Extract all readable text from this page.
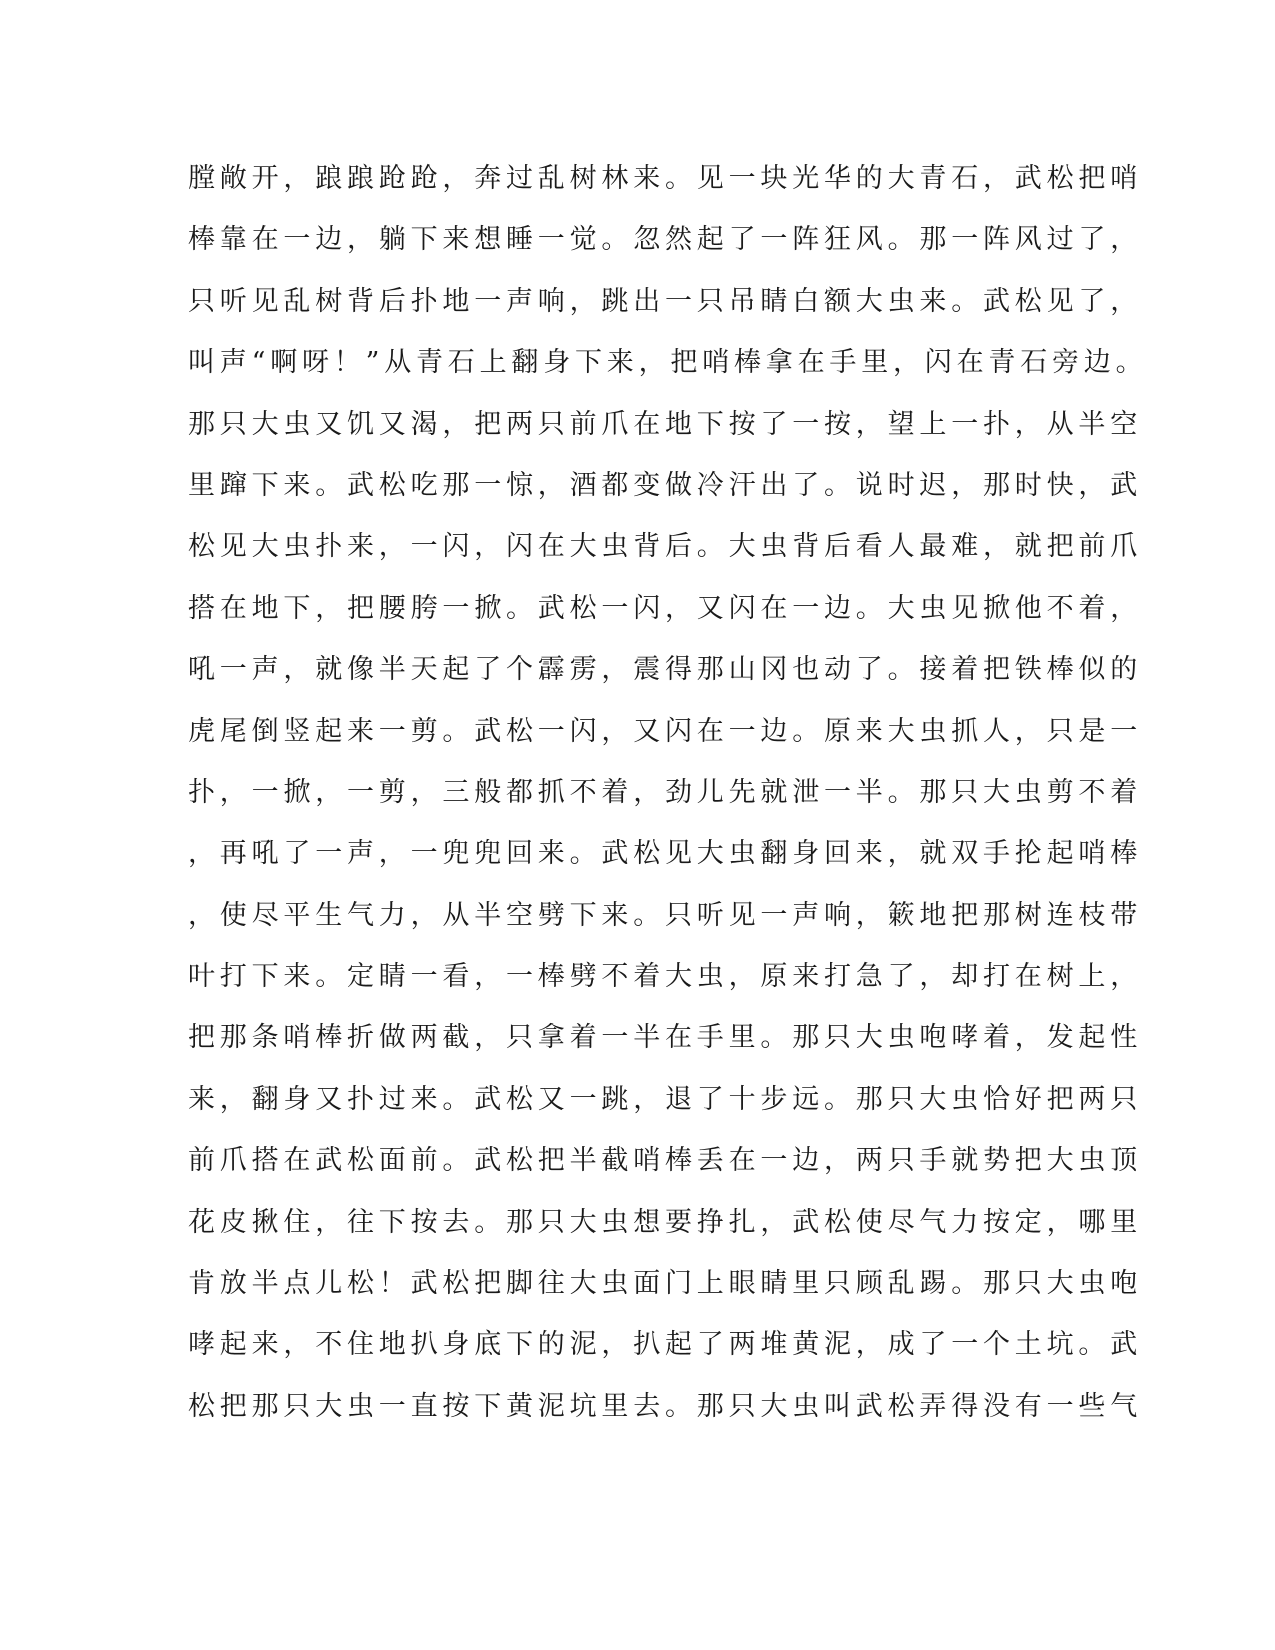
膛敞开，踉踉跄跄，奔过乱树林来。见一块光华的大青石，武松把哨
棒靠在一边，躺下来想睡一觉。忽然起了一阵狂风。那一阵风过了，
只听见乱树背后扑地一声响，跳出一只吊睛白额大虫来。武松见了，
叫声“啊呀！”从青石上翻身下来，把哨棒拿在手里，闪在青石旁边。
那只大虫又饥又渴，把两只前爪在地下按了一按，望上一扑，从半空
里蹿下来。武松吃那一惊，酒都变做冷汗出了。说时迟，那时快，武
松见大虫扑来，一闪，闪在大虫背后。大虫背后看人最难，就把前爪
搭在地下，把腰胯一掀。武松一闪，又闪在一边。大虫见掀他不着，
吼一声，就像半天起了个霹雳，震得那山冈也动了。接着把铁棒似的
虎尾倒竖起来一剪。武松一闪，又闪在一边。原来大虫抓人，只是一
扑，一掀，一剪，三般都抓不着，劲儿先就泄一半。那只大虫剪不着
，再吼了一声，一兜兜回来。武松见大虫翻身回来，就双手抡起哨棒
，使尽平生气力，从半空劈下来。只听见一声响，簌地把那树连枝带
叶打下来。定睛一看，一棒劈不着大虫，原来打急了，却打在树上，
把那条哨棒折做两截，只拿着一半在手里。那只大虫咆哮着，发起性
来，翻身又扑过来。武松又一跳，退了十步远。那只大虫恰好把两只
前爪搭在武松面前。武松把半截哨棒丢在一边，两只手就势把大虫顶
花皮揪住，往下按去。那只大虫想要挣扎，武松使尽气力按定，哪里
肯放半点儿松！武松把脚往大虫面门上眼睛里只顾乱踢。那只大虫咆
哮起来，不住地扒身底下的泥，扒起了两堆黄泥，成了一个土坑。武
松把那只大虫一直按下黄泥坑里去。那只大虫叫武松弄得没有一些气
